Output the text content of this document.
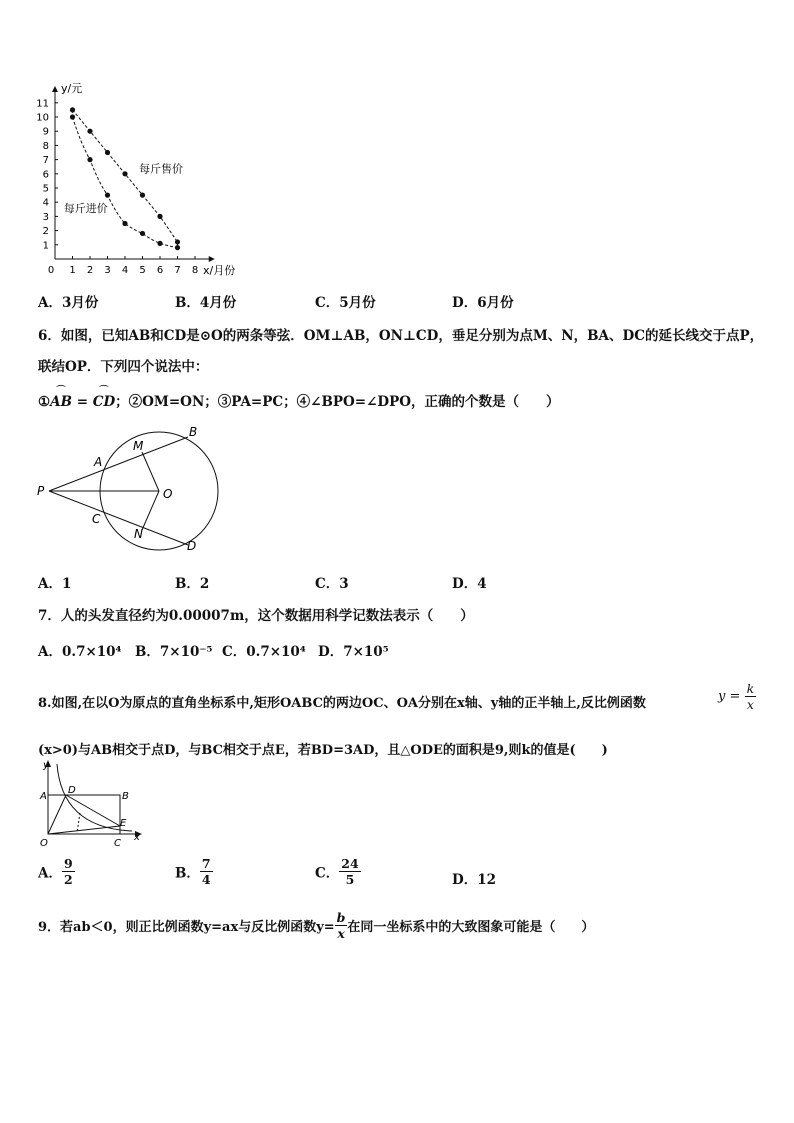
0 1 2 3 4 5 6 7 8
1
2
3
4
5
6
7
8
9
10
11
y/元
x/月份
每斤售价
每斤进价
A．3月份	B．4月份	C．5月份	D．6月份
6．如图，已知AB和CD是⊙O的两条等弦．OM⊥AB，ON⊥CD，垂足分别为点M、N，BA、DC的延长线交于点P，
联结OP．下列四个说法中：
①⌒ AB = ⌒ CD；②OM=ON；③PA=PC；④∠BPO=∠DPO，正确的个数是（　　）
B
M
A
P	O
C
N
D
A．1	B．2	C．3	D．4
7．人的头发直径约为0.00007m，这个数据用科学记数法表示（　　）
A．0.7×10⁴ B．7×10⁻⁵ C．0.7×10⁴ D．7×10⁵
8.如图,在以O为原点的直角坐标系中,矩形OABC的两边OC、OA分别在x轴、y轴的正半轴上,反比例函数	$y = \frac{k}{x}$
(x>0)与AB相交于点D，与BC相交于点E，若BD=3AD，且△ODE的面积是9,则k的值是(　　)
y
A
D
B
O	C
E
x
A． $\frac{9}{2}$	B． $\frac{7}{4}$	C． $\frac{24}{5}$	D．12
9．若ab＜0，则正比例函数y=ax与反比例函数$y= \frac{b}{x}$ 在同一坐标系中的大致图象可能是（　　）
